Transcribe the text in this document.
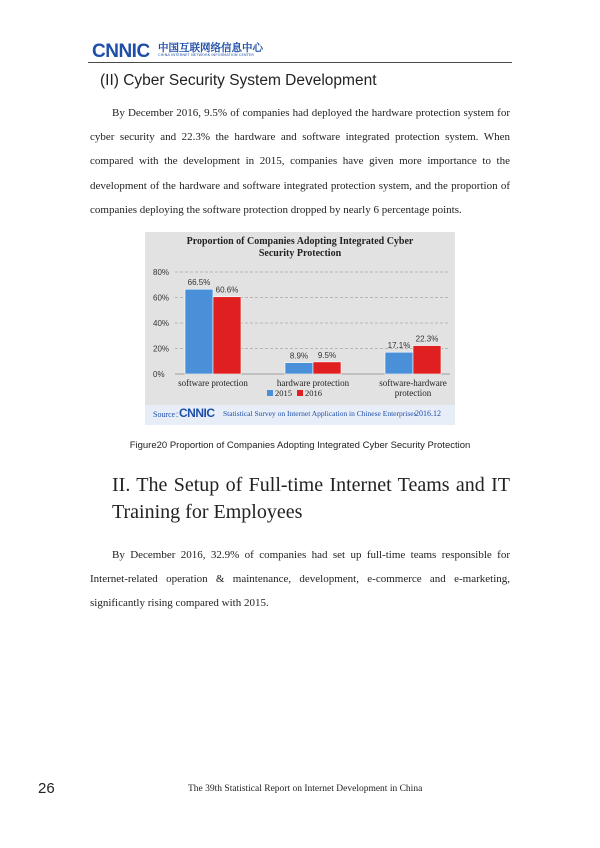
CNNIC 中国互联网络信息中心
CHINA INTERNET NETWORK INFORMATION CENTER
(II) Cyber Security System Development

By December 2016, 9.5% of companies had deployed the hardware protection system for cyber security and 22.3% the hardware and software integrated protection system. When compared with the development in 2015, companies have given more importance to the development of the hardware and software integrated protection system, and the proportion of companies deploying the software protection dropped by nearly 6 percentage points.

Proportion of Companies Adopting Integrated Cyber
Security Protection
0%
20%
40%
60%
80%
66.5%
60.6%
software protection
8.9% 9.5%
hardware protection
17.1%
22.3%
software-hardware
protection
2015 2016
Source：
CNNIC Statistical Survey on Internet Application in Chinese Enterprises
2016.12
Figure20 Proportion of Companies Adopting Integrated Cyber Security Protection
II. The Setup of Full-time Internet Teams and IT Training for Employees

By December 2016, 32.9% of companies had set up full-time teams responsible for Internet-related operation & maintenance, development, e-commerce and e-marketing, significantly rising compared with 2015.

26	The 39th Statistical Report on Internet Development in China
